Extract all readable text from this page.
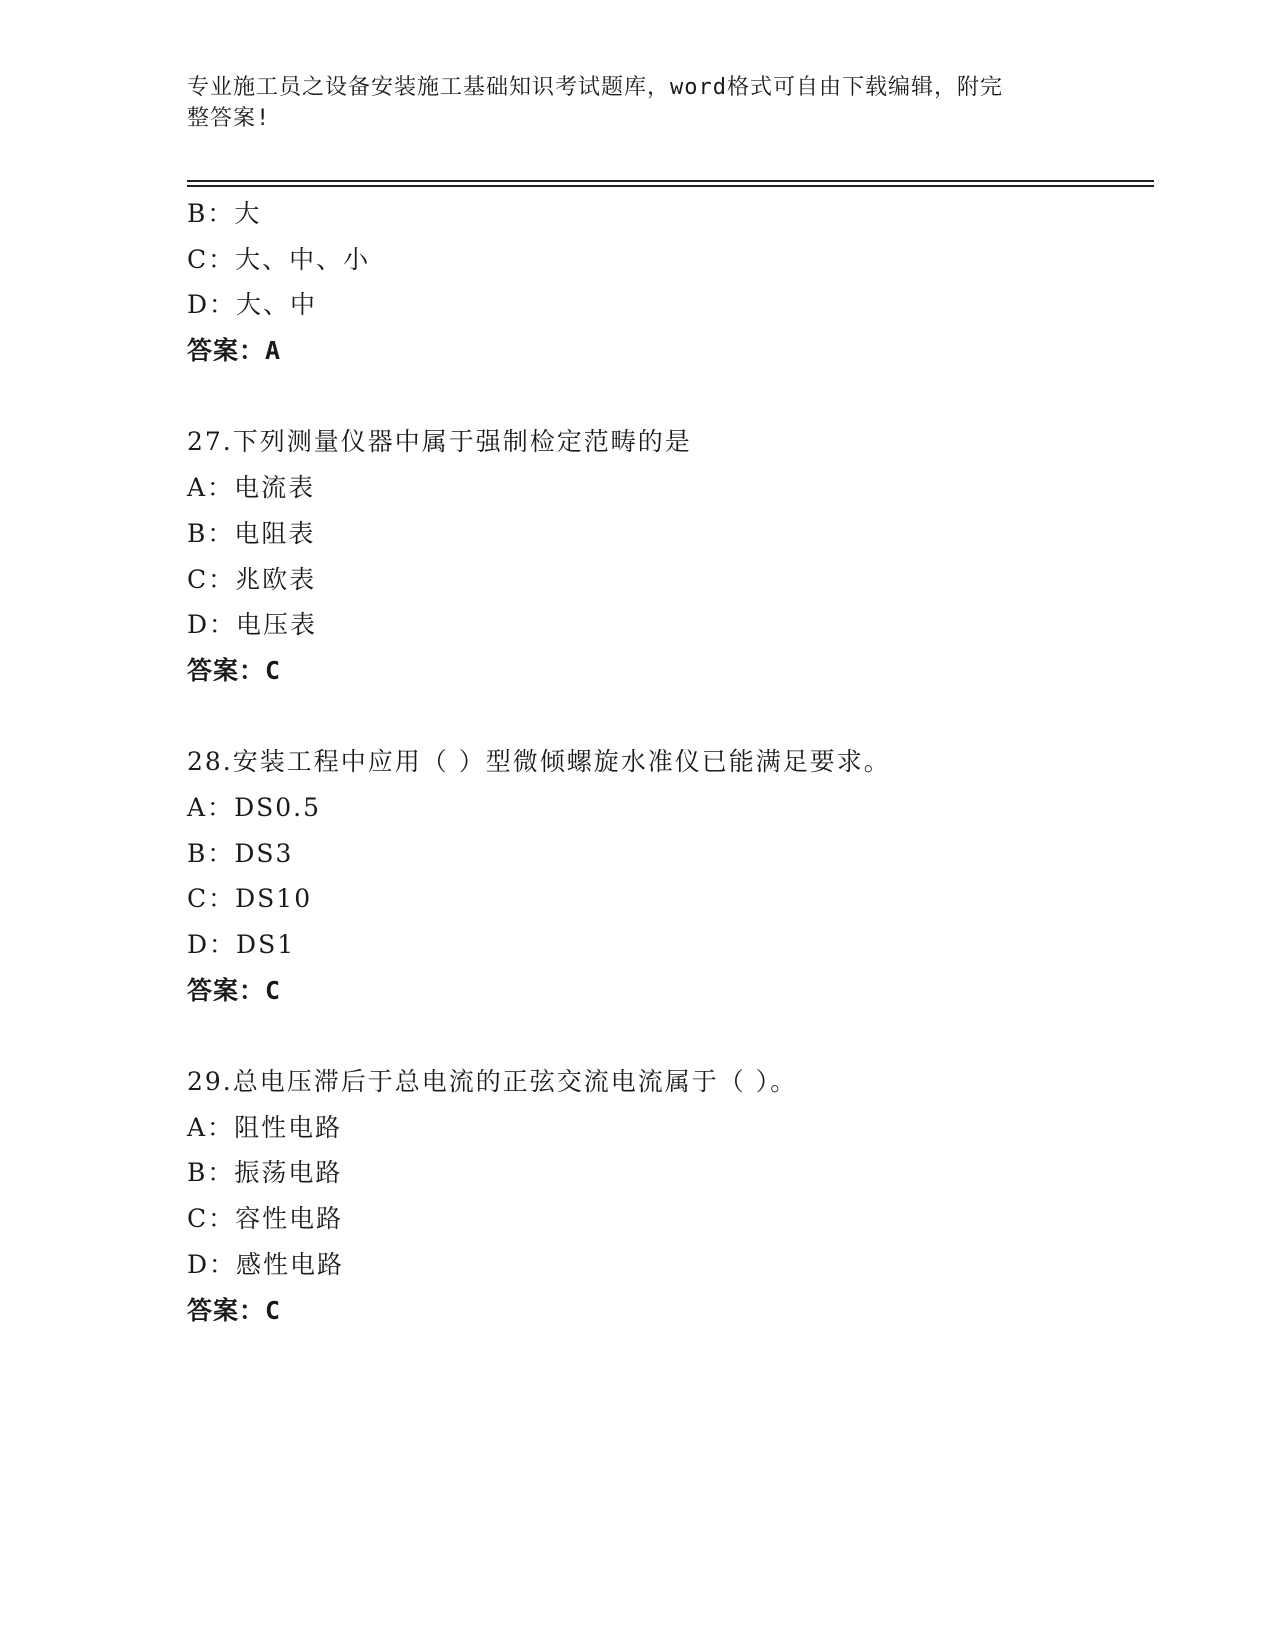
专业施工员之设备安装施工基础知识考试题库，word格式可自由下载编辑，附完
整答案!
B：大
C：大、中、小
D：大、中
答案：A
27.下列测量仪器中属于强制检定范畴的是
A：电流表
B：电阻表
C：兆欧表
D：电压表
答案：C
28.安装工程中应用（ ）型微倾螺旋水准仪已能满足要求。
A：DS0.5
B：DS3
C：DS10
D：DS1
答案：C
29.总电压滞后于总电流的正弦交流电流属于（ ）。
A：阻性电路
B：振荡电路
C：容性电路
D：感性电路
答案：C
